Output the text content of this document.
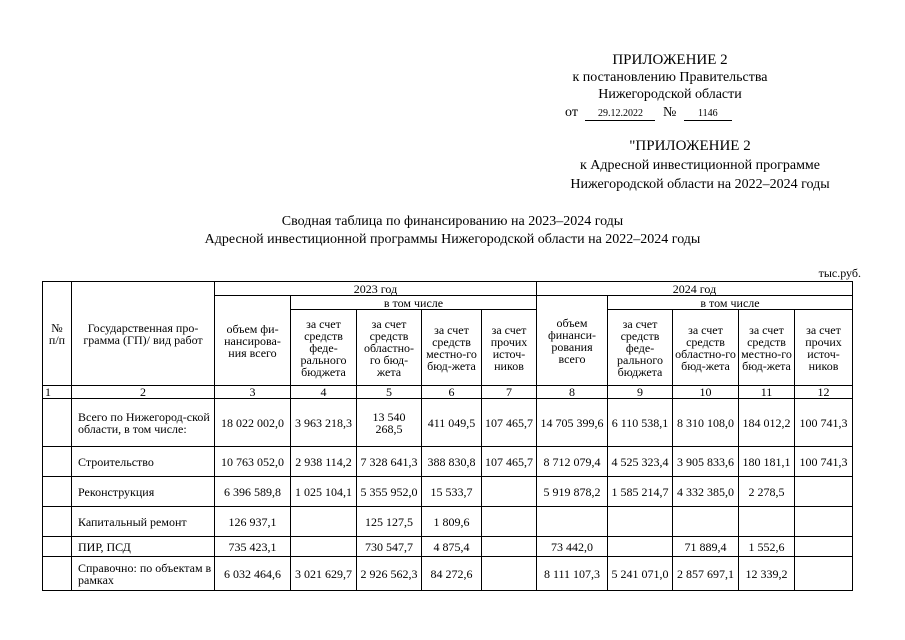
ПРИЛОЖЕНИЕ 2
к постановлению Правительства
Нижегородской области
от 29.12.2022 № 1146
"ПРИЛОЖЕНИЕ 2
к Адресной инвестиционной программе
Нижегородской области на 2022–2024 годы
Сводная таблица по финансированию на 2023–2024 годы
Адресной инвестиционной программы Нижегородской области на 2022–2024 годы
тыс.руб.
№ п/п	Государственная про-грамма (ГП)/ вид работ	2023 год					2024 год				
		объем фи-нансирова-ния всего	в том числе				объем финанси-рования всего	в том числе			
			за счет средств феде-рального бюджета	за счет средств областно-го бюд-жета	за счет средств местно-го бюд-жета	за счет прочих источ-ников		за счет средств феде-рального бюджета	за счет средств областно-го бюд-жета	за счет средств местно-го бюд-жета	за счет прочих источ-ников
1	2	3	4	5	6	7	8	9	10	11	12
	Всего по Нижегород-ской области, в том числе:	18 022 002,0	3 963 218,3	13 540 268,5	411 049,5	107 465,7	14 705 399,6	6 110 538,1	8 310 108,0	184 012,2	100 741,3
	Строительство	10 763 052,0	2 938 114,2	7 328 641,3	388 830,8	107 465,7	8 712 079,4	4 525 323,4	3 905 833,6	180 181,1	100 741,3
	Реконструкция	6 396 589,8	1 025 104,1	5 355 952,0	15 533,7		5 919 878,2	1 585 214,7	4 332 385,0	2 278,5	
	Капитальный ремонт	126 937,1		125 127,5	1 809,6						
	ПИР, ПСД	735 423,1		730 547,7	4 875,4		73 442,0		71 889,4	1 552,6	
	Справочно: по объектам в рамках	6 032 464,6	3 021 629,7	2 926 562,3	84 272,6		8 111 107,3	5 241 071,0	2 857 697,1	12 339,2	
